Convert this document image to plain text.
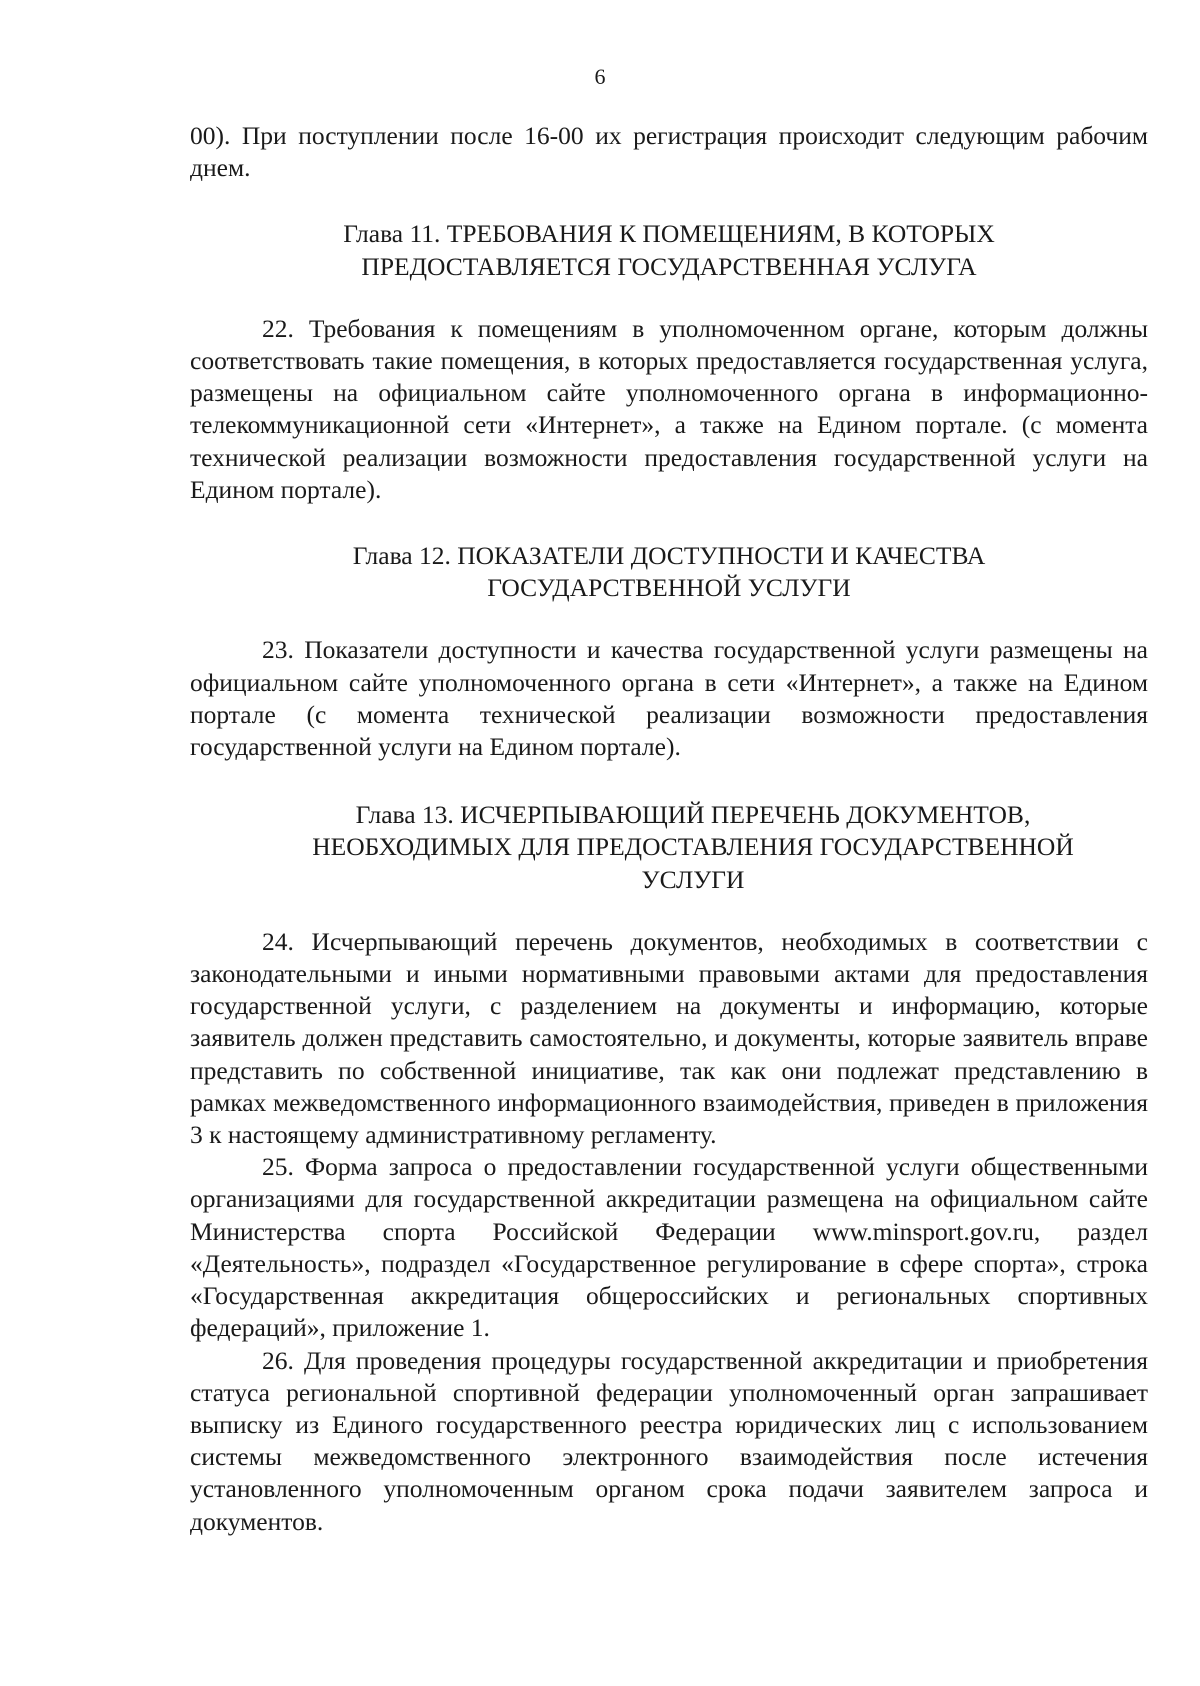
6

00). При поступлении после 16-00 их регистрация происходит следующим рабочим днем.

Глава 11. ТРЕБОВАНИЯ К ПОМЕЩЕНИЯМ, В КОТОРЫХ
ПРЕДОСТАВЛЯЕТСЯ ГОСУДАРСТВЕННАЯ УСЛУГА

22. Требования к помещениям в уполномоченном органе, которым должны соответствовать такие помещения, в которых предоставляется государственная услуга, размещены на официальном сайте уполномоченного органа в информационно-телекоммуникационной сети «Интернет», а также на Едином портале. (с момента технической реализации возможности предоставления государственной услуги на Едином портале).

Глава 12. ПОКАЗАТЕЛИ ДОСТУПНОСТИ И КАЧЕСТВА
ГОСУДАРСТВЕННОЙ УСЛУГИ

23. Показатели доступности и качества государственной услуги размещены на официальном сайте уполномоченного органа в сети «Интернет», а также на Едином портале (с момента технической реализации возможности предоставления государственной услуги на Едином портале).

Глава 13. ИСЧЕРПЫВАЮЩИЙ ПЕРЕЧЕНЬ ДОКУМЕНТОВ,
НЕОБХОДИМЫХ ДЛЯ ПРЕДОСТАВЛЕНИЯ ГОСУДАРСТВЕННОЙ
УСЛУГИ

24. Исчерпывающий перечень документов, необходимых в соответствии с законодательными и иными нормативными правовыми актами для предоставления государственной услуги, с разделением на документы и информацию, которые заявитель должен представить самостоятельно, и документы, которые заявитель вправе представить по собственной инициативе, так как они подлежат представлению в рамках межведомственного информационного взаимодействия, приведен в приложения 3 к настоящему административному регламенту.

25. Форма запроса о предоставлении государственной услуги общественными организациями для государственной аккредитации размещена на официальном сайте Министерства спорта Российской Федерации www.minsport.gov.ru, раздел «Деятельность», подраздел «Государственное регулирование в сфере спорта», строка «Государственная аккредитация общероссийских и региональных спортивных федераций», приложение 1.

26. Для проведения процедуры государственной аккредитации и приобретения статуса региональной спортивной федерации уполномоченный орган запрашивает выписку из Единого государственного реестра юридических лиц с использованием системы межведомственного электронного взаимодействия после истечения установленного уполномоченным органом срока подачи заявителем запроса и документов.
